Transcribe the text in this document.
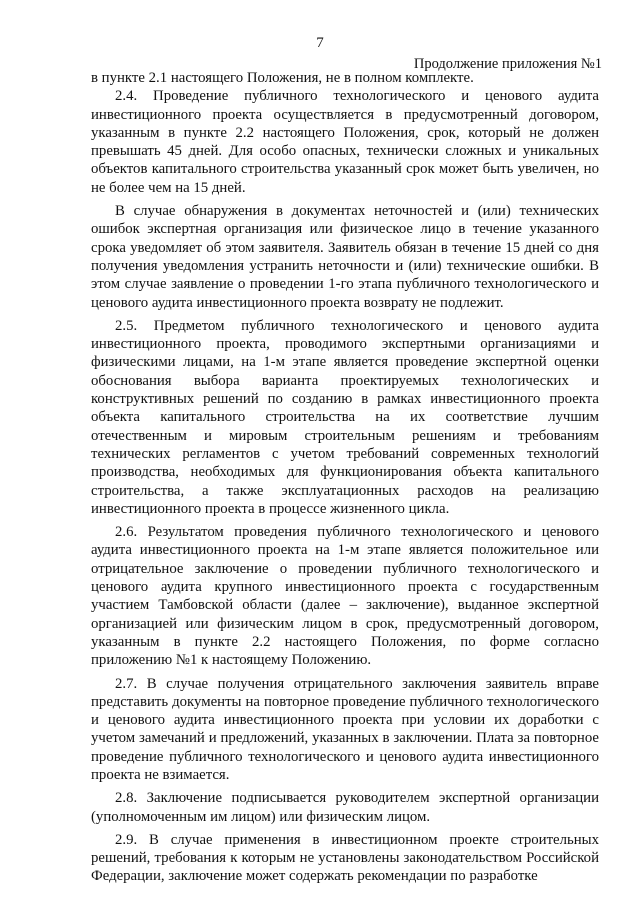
7
Продолжение приложения №1

в пункте 2.1 настоящего Положения, не в полном комплекте.

2.4. Проведение публичного технологического и ценового аудита инвестиционного проекта осуществляется в предусмотренный договором, указанным в пункте 2.2 настоящего Положения, срок, который не должен превышать 45 дней. Для особо опасных, технически сложных и уникальных объектов капитального строительства указанный срок может быть увеличен, но не более чем на 15 дней.

В случае обнаружения в документах неточностей и (или) технических ошибок экспертная организация или физическое лицо в течение указанного срока уведомляет об этом заявителя. Заявитель обязан в течение 15 дней со дня получения уведомления устранить неточности и (или) технические ошибки. В этом случае заявление о проведении 1-го этапа публичного технологического и ценового аудита инвестиционного проекта возврату не подлежит.

2.5. Предметом публичного технологического и ценового аудита инвестиционного проекта, проводимого экспертными организациями и физическими лицами, на 1-м этапе является проведение экспертной оценки обоснования выбора варианта проектируемых технологических и конструктивных решений по созданию в рамках инвестиционного проекта объекта капитального строительства на их соответствие лучшим отечественным и мировым строительным решениям и требованиям технических регламентов с учетом требований современных технологий производства, необходимых для функционирования объекта капитального строительства, а также эксплуатационных расходов на реализацию инвестиционного проекта в процессе жизненного цикла.

2.6. Результатом проведения публичного технологического и ценового аудита инвестиционного проекта на 1-м этапе является положительное или отрицательное заключение о проведении публичного технологического и ценового аудита крупного инвестиционного проекта с государственным участием Тамбовской области (далее – заключение), выданное экспертной организацией или физическим лицом в срок, предусмотренный договором, указанным в пункте 2.2 настоящего Положения, по форме согласно приложению №1 к настоящему Положению.

2.7. В случае получения отрицательного заключения заявитель вправе представить документы на повторное проведение публичного технологического и ценового аудита инвестиционного проекта при условии их доработки с учетом замечаний и предложений, указанных в заключении. Плата за повторное проведение публичного технологического и ценового аудита инвестиционного проекта не взимается.

2.8. Заключение подписывается руководителем экспертной организации (уполномоченным им лицом) или физическим лицом.

2.9. В случае применения в инвестиционном проекте строительных решений, требования к которым не установлены законодательством Российской Федерации, заключение может содержать рекомендации по разработке
